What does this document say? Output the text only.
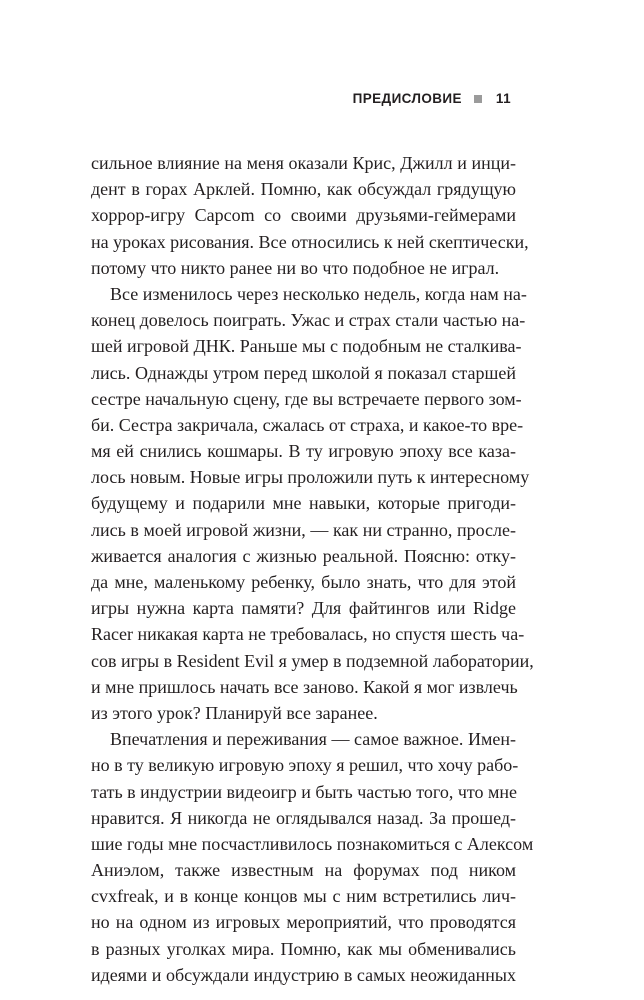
ПРЕДИСЛОВИЕ	11
сильное влияние на меня оказали Крис, Джилл и инци-
дент в горах Арклей. Помню, как обсуждал грядущую
хоррор-игру Capcom со своими друзьями-геймерами
на уроках рисования. Все относились к ней скептически,
потому что никто ранее ни во что подобное не играл.
Все изменилось через несколько недель, когда нам на-
конец довелось поиграть. Ужас и страх стали частью на-
шей игровой ДНК. Раньше мы с подобным не сталкива-
лись. Однажды утром перед школой я показал старшей
сестре начальную сцену, где вы встречаете первого зом-
би. Сестра закричала, сжалась от страха, и какое-то вре-
мя ей снились кошмары. В ту игровую эпоху все каза-
лось новым. Новые игры проложили путь к интересному
будущему и подарили мне навыки, которые пригоди-
лись в моей игровой жизни, — как ни странно, просле-
живается аналогия с жизнью реальной. Поясню: отку-
да мне, маленькому ребенку, было знать, что для этой
игры нужна карта памяти? Для файтингов или Ridge
Racer никакая карта не требовалась, но спустя шесть ча-
сов игры в Resident Evil я умер в подземной лаборатории,
и мне пришлось начать все заново. Какой я мог извлечь
из этого урок? Планируй все заранее.
Впечатления и переживания — самое важное. Имен-
но в ту великую игровую эпоху я решил, что хочу рабо-
тать в индустрии видеоигр и быть частью того, что мне
нравится. Я никогда не оглядывался назад. За прошед-
шие годы мне посчастливилось познакомиться с Алексом
Аниэлом, также известным на форумах под ником
cvxfreak, и в конце концов мы с ним встретились лич-
но на одном из игровых мероприятий, что проводятся
в разных уголках мира. Помню, как мы обменивались
идеями и обсуждали индустрию в самых неожиданных
